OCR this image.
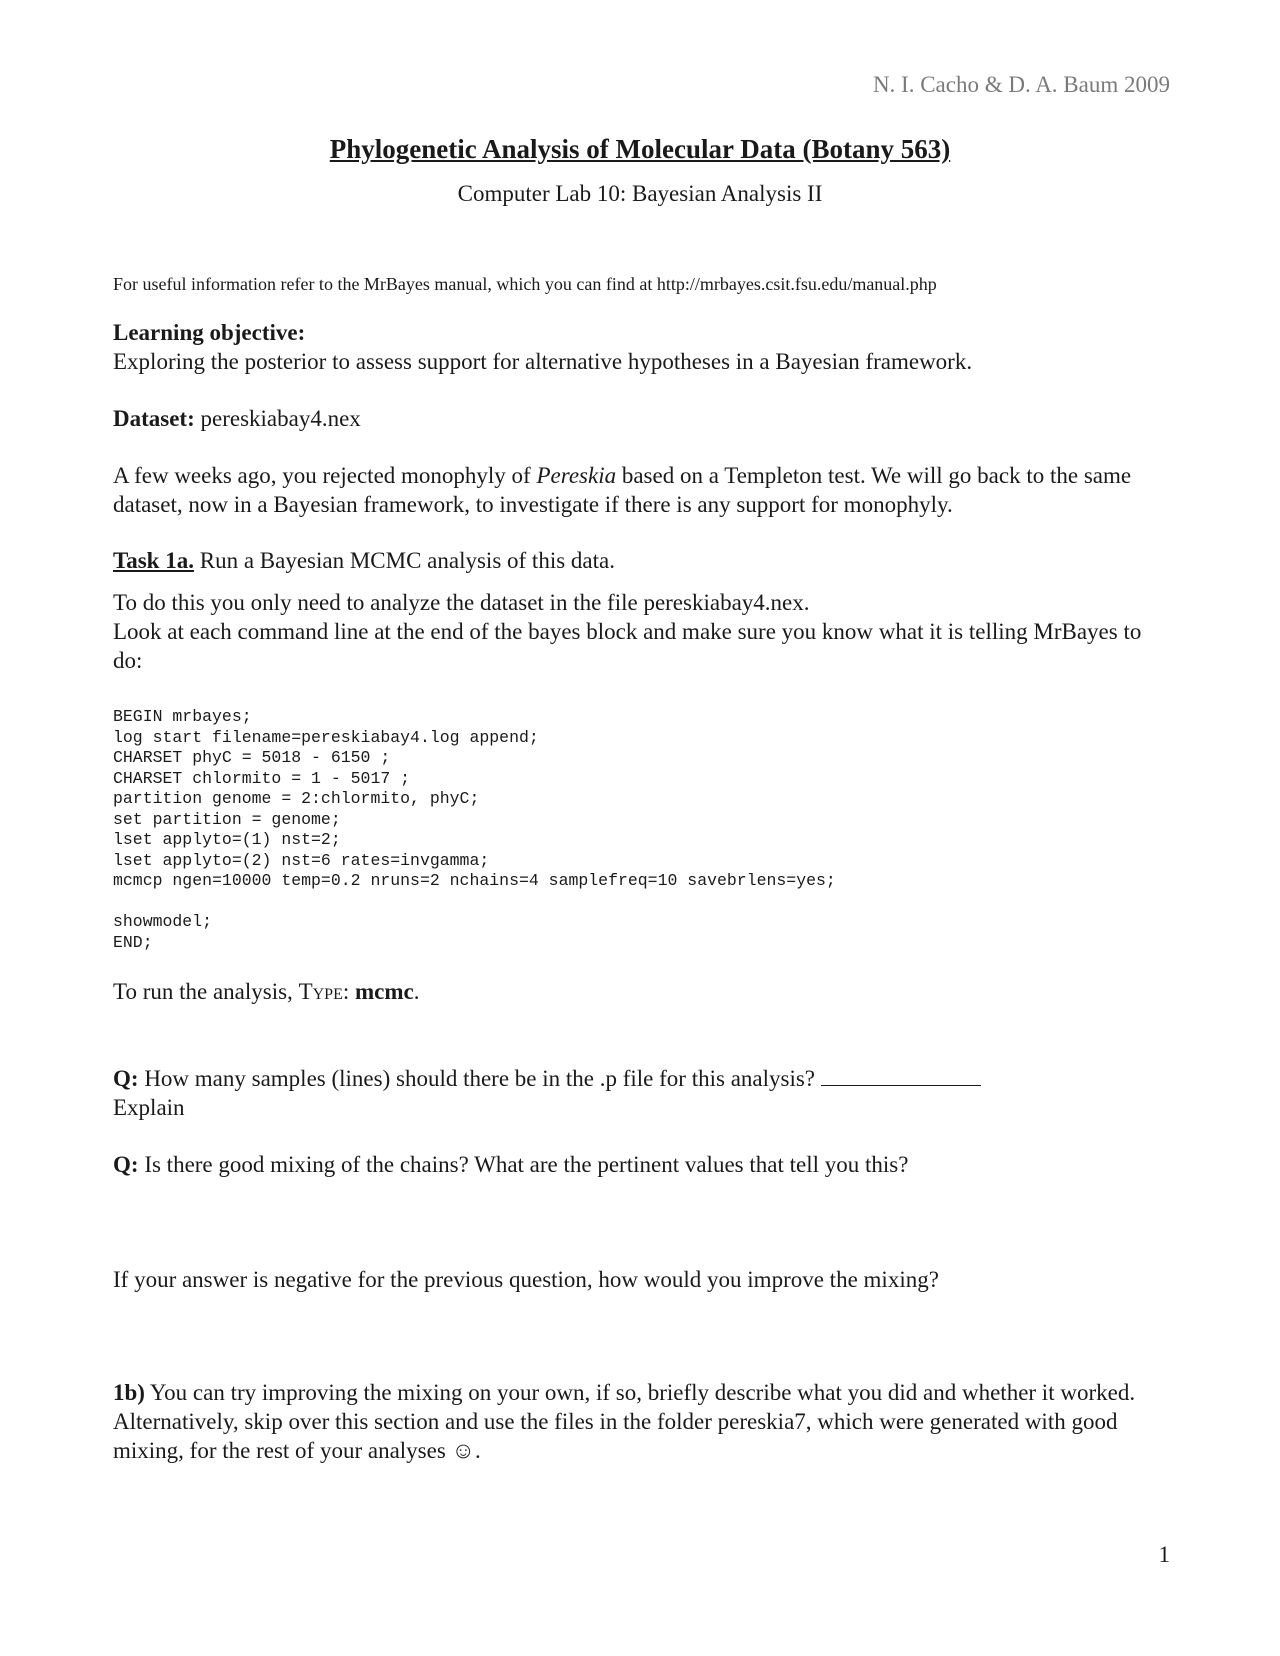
N. I. Cacho & D. A. Baum 2009
Phylogenetic Analysis of Molecular Data (Botany 563)
Computer Lab 10: Bayesian Analysis II
For useful information refer to the MrBayes manual, which you can find at http://mrbayes.csit.fsu.edu/manual.php
Learning objective:
Exploring the posterior to assess support for alternative hypotheses in a Bayesian framework.
Dataset: pereskiabay4.nex
A few weeks ago, you rejected monophyly of Pereskia based on a Templeton test. We will go back to the same dataset, now in a Bayesian framework, to investigate if there is any support for monophyly.
Task 1a. Run a Bayesian MCMC analysis of this data.
To do this you only need to analyze the dataset in the file pereskiabay4.nex.
Look at each command line at the end of the bayes block and make sure you know what it is telling MrBayes to do:
BEGIN mrbayes;
log start filename=pereskiabay4.log append;
CHARSET phyC = 5018 - 6150 ;
CHARSET chlormito = 1 - 5017 ;
partition genome = 2:chlormito, phyC;
set partition = genome;
lset applyto=(1) nst=2;
lset applyto=(2) nst=6 rates=invgamma;
mcmcp ngen=10000 temp=0.2 nruns=2 nchains=4 samplefreq=10 savebrlens=yes;
showmodel;
END;
To run the analysis, Type: mcmc.
Q: How many samples (lines) should there be in the .p file for this analysis?
Explain
Q: Is there good mixing of the chains? What are the pertinent values that tell you this?
If your answer is negative for the previous question, how would you improve the mixing?
1b) You can try improving the mixing on your own, if so, briefly describe what you did and whether it worked. Alternatively, skip over this section and use the files in the folder pereskia7, which were generated with good mixing, for the rest of your analyses ☺.
1
